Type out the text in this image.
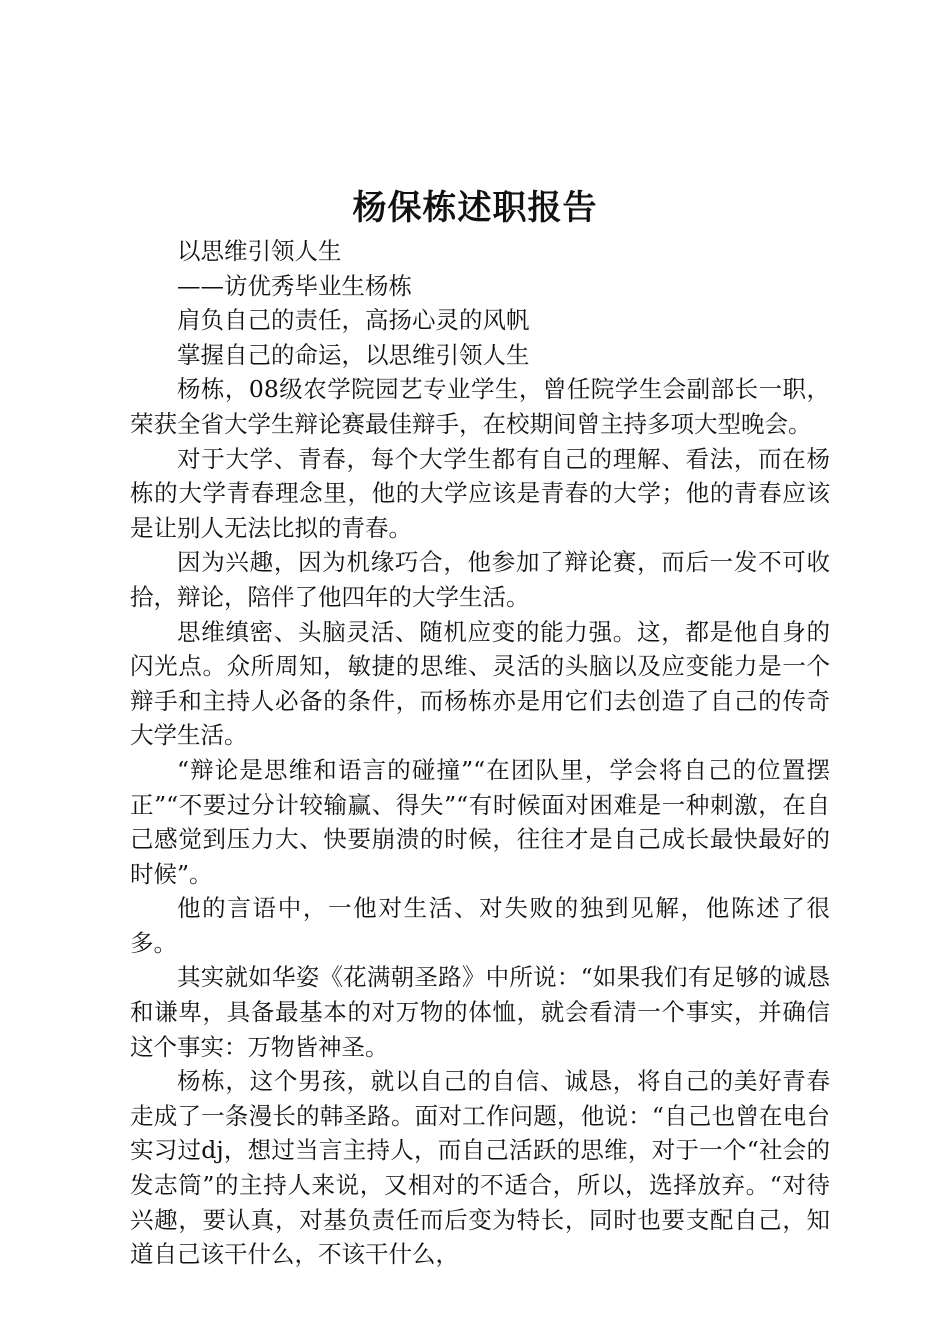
杨保栋述职报告

以思维引领人生

——访优秀毕业生杨栋

肩负自己的责任，高扬心灵的风帆

掌握自己的命运，以思维引领人生

杨栋，08级农学院园艺专业学生，曾任院学生会副部长一职，荣获全省大学生辩论赛最佳辩手，在校期间曾主持多项大型晚会。

对于大学、青春，每个大学生都有自己的理解、看法，而在杨栋的大学青春理念里，他的大学应该是青春的大学；他的青春应该是让别人无法比拟的青春。

因为兴趣，因为机缘巧合，他参加了辩论赛，而后一发不可收拾，辩论，陪伴了他四年的大学生活。

思维缜密、头脑灵活、随机应变的能力强。这，都是他自身的闪光点。众所周知，敏捷的思维、灵活的头脑以及应变能力是一个辩手和主持人必备的条件，而杨栋亦是用它们去创造了自己的传奇大学生活。

“辩论是思维和语言的碰撞”“在团队里，学会将自己的位置摆正”“不要过分计较输赢、得失”“有时候面对困难是一种刺激，在自己感觉到压力大、快要崩溃的时候，往往才是自己成长最快最好的时候”。

他的言语中，一他对生活、对失败的独到见解，他陈述了很多。

其实就如华姿《花满朝圣路》中所说：“如果我们有足够的诚恳和谦卑，具备最基本的对万物的体恤，就会看清一个事实，并确信这个事实：万物皆神圣。

杨栋，这个男孩，就以自己的自信、诚恳，将自己的美好青春走成了一条漫长的韩圣路。面对工作问题，他说：“自己也曾在电台实习过dj，想过当言主持人，而自己活跃的思维，对于一个“社会的发志筒”的主持人来说，又相对的不适合，所以，选择放弃。“对待兴趣，要认真，对基负责任而后变为特长，同时也要支配自己，知道自己该干什么，不该干什么，
